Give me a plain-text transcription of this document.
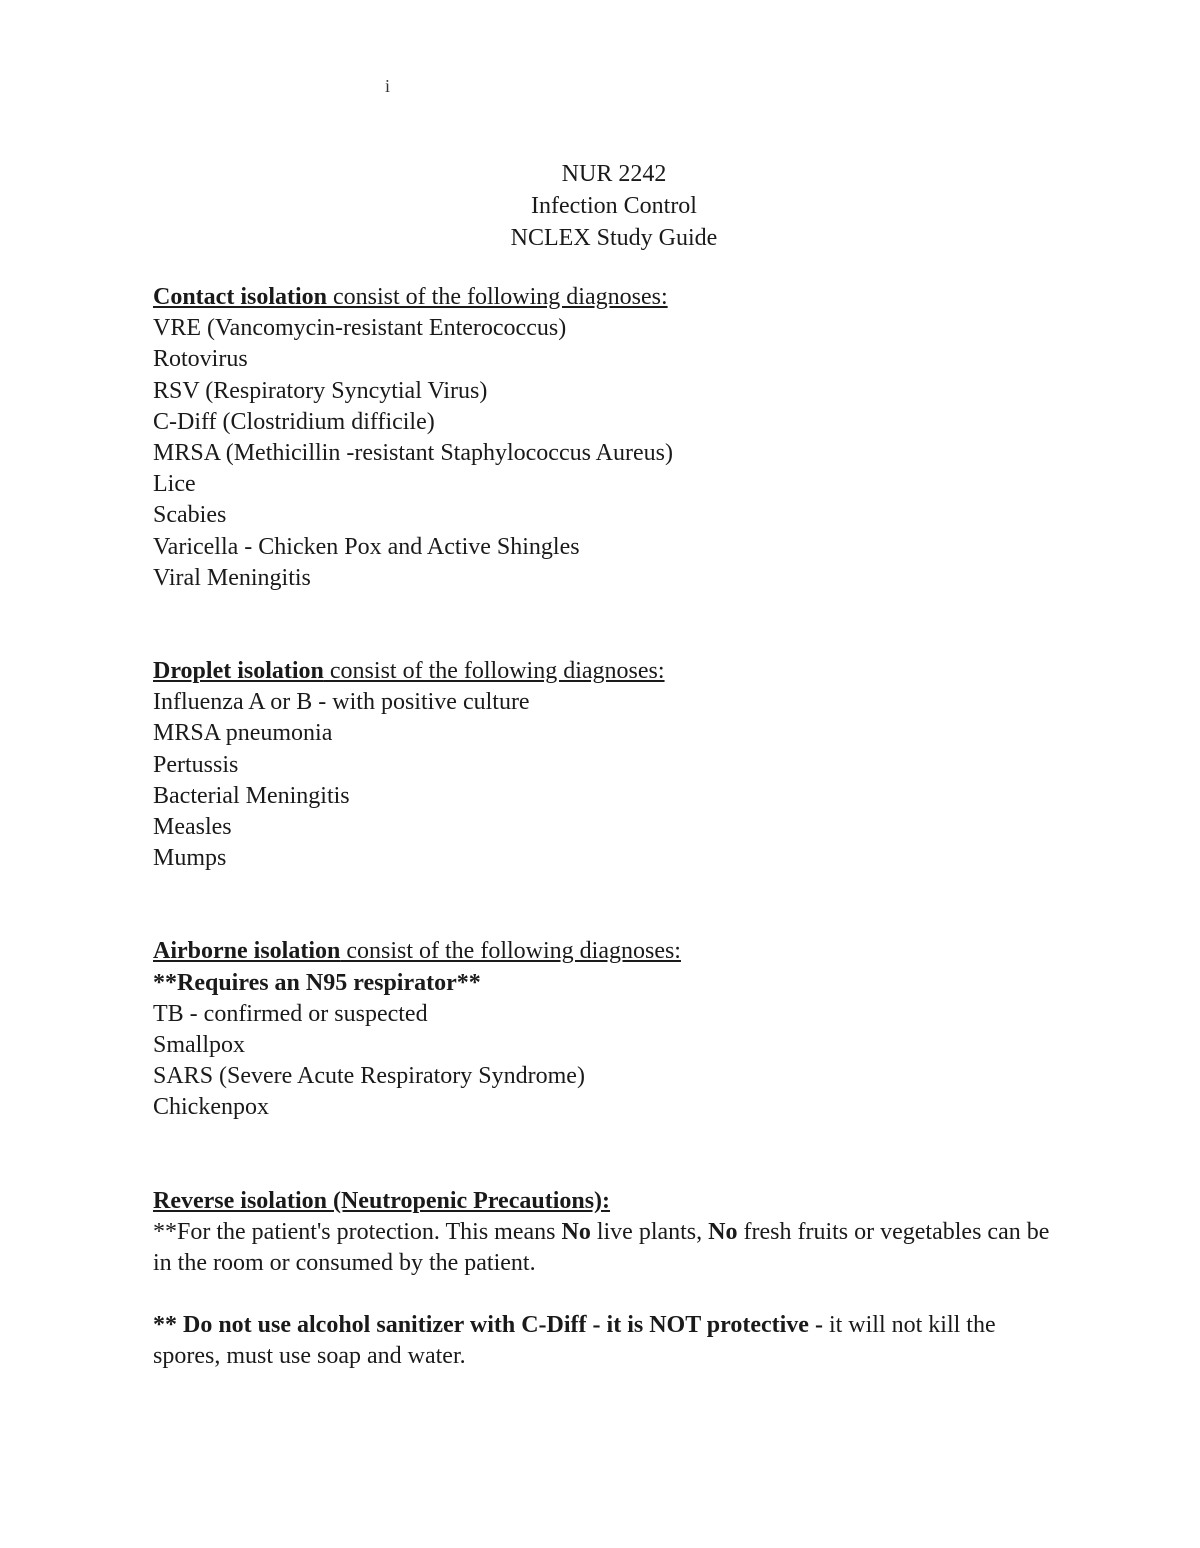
i
NUR 2242
Infection Control
NCLEX Study Guide
Contact isolation consist of the following diagnoses:
VRE (Vancomycin-resistant Enterococcus)
Rotovirus
RSV (Respiratory Syncytial Virus)
C-Diff (Clostridium difficile)
MRSA (Methicillin -resistant Staphylococcus Aureus)
Lice
Scabies
Varicella - Chicken Pox and Active Shingles
Viral Meningitis
Droplet isolation consist of the following diagnoses:
Influenza A or B - with positive culture
MRSA pneumonia
Pertussis
Bacterial Meningitis
Measles
Mumps
Airborne isolation consist of the following diagnoses:
**Requires an N95 respirator**
TB - confirmed or suspected
Smallpox
SARS (Severe Acute Respiratory Syndrome)
Chickenpox
Reverse isolation (Neutropenic Precautions):
**For the patient's protection. This means No live plants, No fresh fruits or vegetables can be in the room or consumed by the patient.
** Do not use alcohol sanitizer with C-Diff - it is NOT protective - it will not kill the spores, must use soap and water.
